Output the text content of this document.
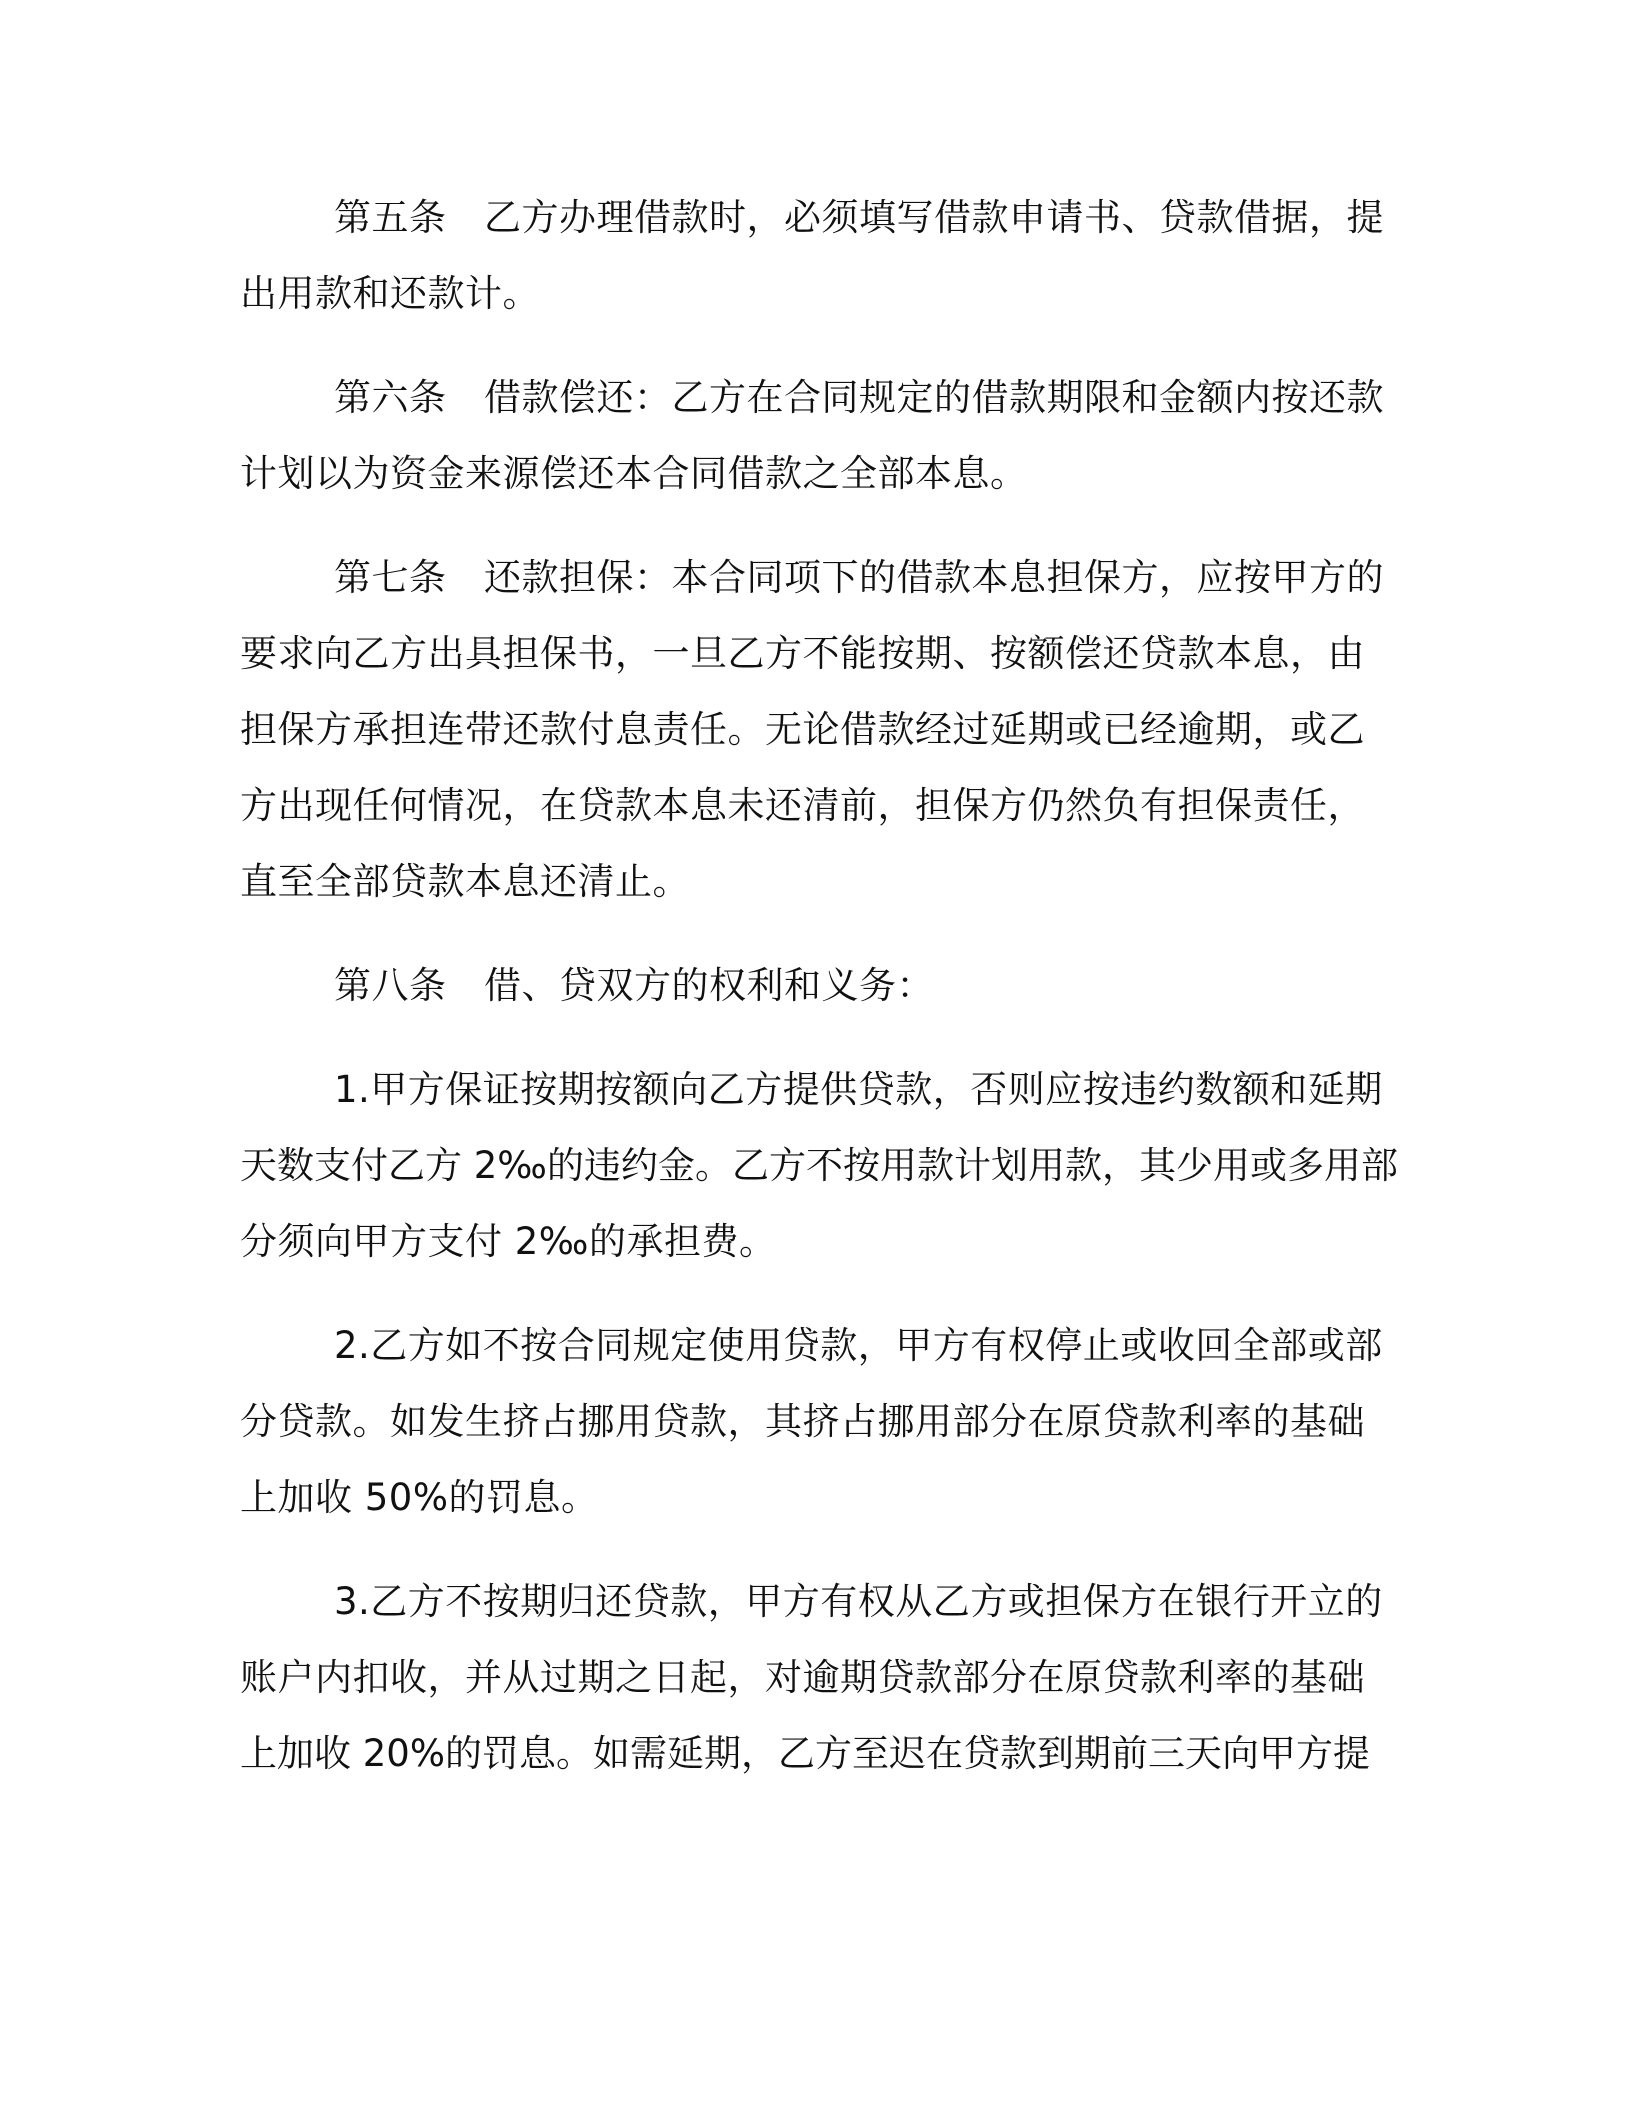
第五条　乙方办理借款时，必须填写借款申请书、贷款借据，提
出用款和还款计。
第六条　借款偿还：乙方在合同规定的借款期限和金额内按还款
计划以为资金来源偿还本合同借款之全部本息。
第七条　还款担保：本合同项下的借款本息担保方，应按甲方的
要求向乙方出具担保书，一旦乙方不能按期、按额偿还贷款本息，由
担保方承担连带还款付息责任。无论借款经过延期或已经逾期，或乙
方出现任何情况，在贷款本息未还清前，担保方仍然负有担保责任，
直至全部贷款本息还清止。
第八条　借、贷双方的权利和义务：
1.甲方保证按期按额向乙方提供贷款，否则应按违约数额和延期
天数支付乙方 2‰的违约金。乙方不按用款计划用款，其少用或多用部
分须向甲方支付 2‰的承担费。
2.乙方如不按合同规定使用贷款，甲方有权停止或收回全部或部
分贷款。如发生挤占挪用贷款，其挤占挪用部分在原贷款利率的基础
上加收 50%的罚息。
3.乙方不按期归还贷款，甲方有权从乙方或担保方在银行开立的
账户内扣收，并从过期之日起，对逾期贷款部分在原贷款利率的基础
上加收 20%的罚息。如需延期，乙方至迟在贷款到期前三天向甲方提
